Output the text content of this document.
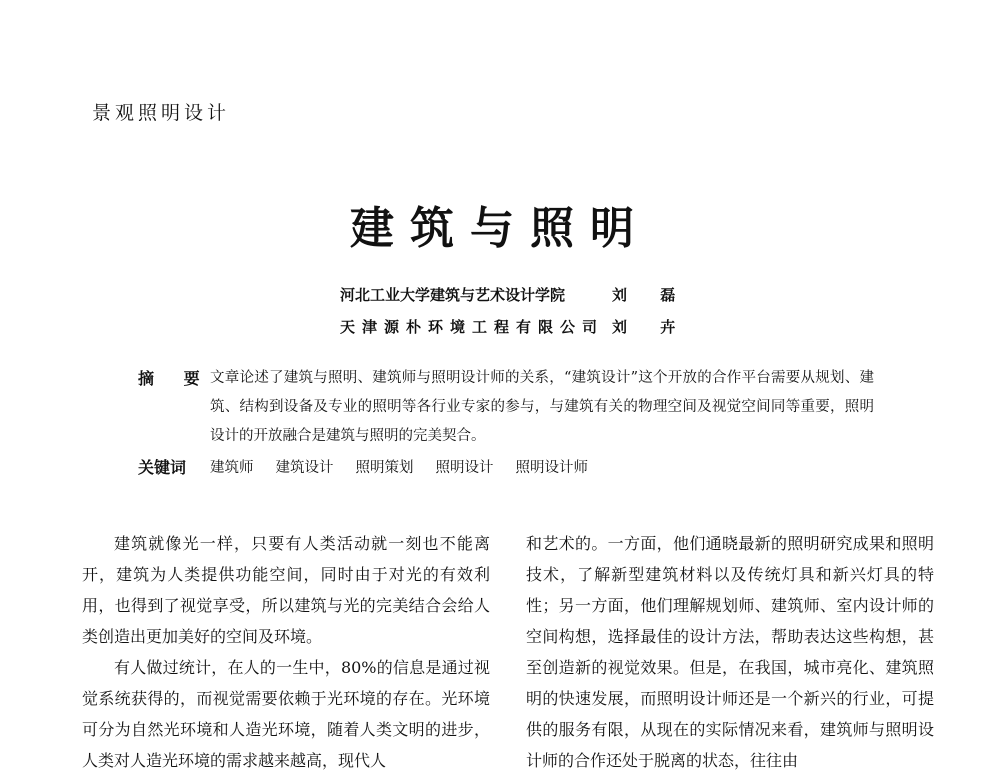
景观照明设计
建筑与照明
河北工业大学建筑与艺术设计学院	刘 磊
天津源朴环境工程有限公司 刘 卉
摘 要
文章论述了建筑与照明、建筑师与照明设计师的关系，“建筑设计”这个开放的合作平台需要从规划、建筑、结构到设备及专业的照明等各行业专家的参与，与建筑有关的物理空间及视觉空间同等重要，照明设计的开放融合是建筑与照明的完美契合。
关键词 建筑师 建筑设计 照明策划 照明设计 照明设计师

建筑就像光一样，只要有人类活动就一刻也不能离开，建筑为人类提供功能空间，同时由于对光的有效利用，也得到了视觉享受，所以建筑与光的完美结合会给人类创造出更加美好的空间及环境。

有人做过统计，在人的一生中，80%的信息是通过视觉系统获得的，而视觉需要依赖于光环境的存在。光环境可分为自然光环境和人造光环境，随着人类文明的进步，人类对人造光环境的需求越来越高，现代人

和艺术的。一方面，他们通晓最新的照明研究成果和照明技术，了解新型建筑材料以及传统灯具和新兴灯具的特性；另一方面，他们理解规划师、建筑师、室内设计师的空间构想，选择最佳的设计方法，帮助表达这些构想，甚至创造新的视觉效果。但是，在我国，城市亮化、建筑照明的快速发展，而照明设计师还是一个新兴的行业，可提供的服务有限，从现在的实际情况来看，建筑师与照明设计师的合作还处于脱离的状态，往往由
